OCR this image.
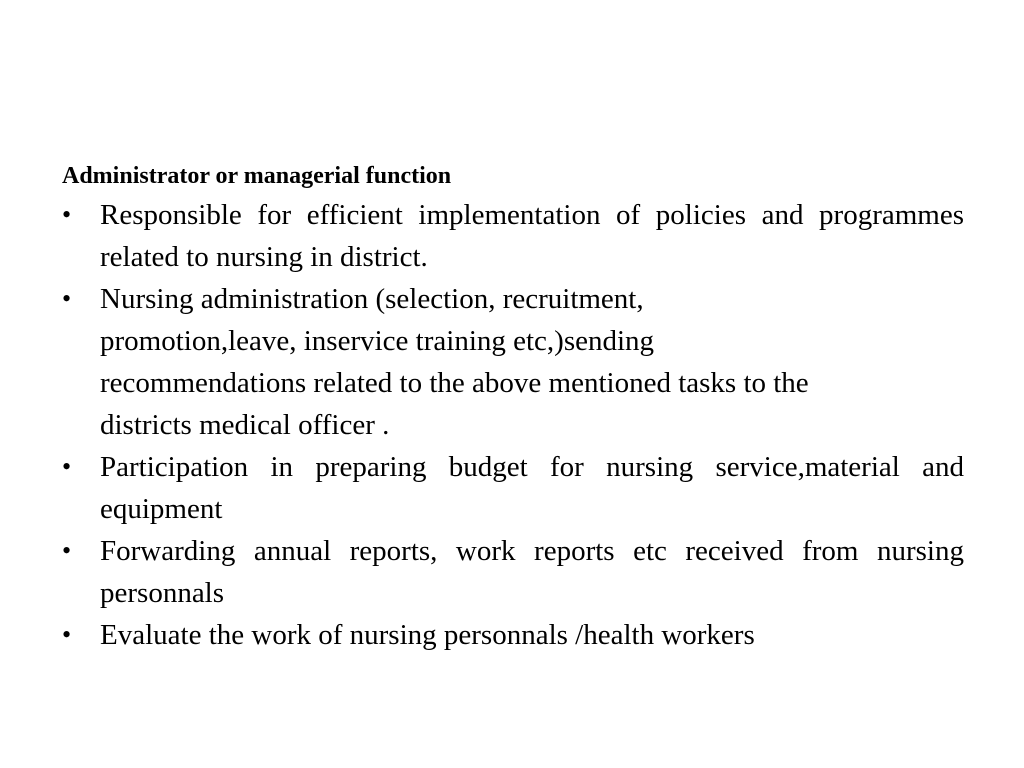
Administrator or managerial function
• Responsible for efficient implementation of policies and programmes related to nursing in district.
• Nursing administration (selection, recruitment,
promotion,leave, inservice training etc,)sending
recommendations related to the above mentioned tasks to the
districts medical officer .
• Participation in preparing budget for nursing service,material and equipment
• Forwarding annual reports, work reports etc received from nursing personnals
• Evaluate the work of nursing personnals /health workers
